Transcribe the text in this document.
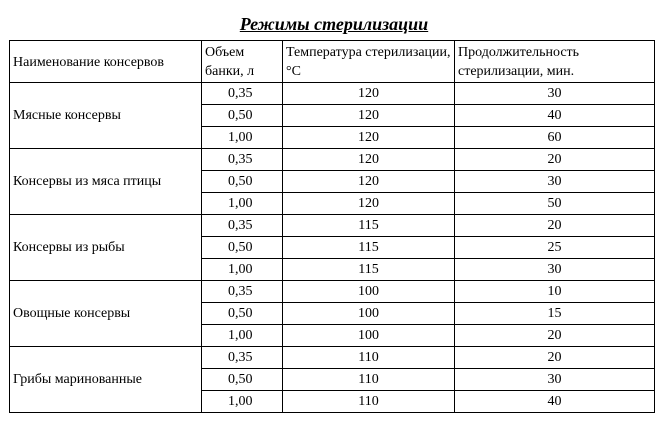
Режимы стерилизации
Наименование консервов	Объем банки, л	Температура стерилизации, °С	Продолжительность стерилизации, мин.
Мясные консервы	0,35	120	30
	0,50	120	40
	1,00	120	60
Консервы из мяса птицы	0,35	120	20
	0,50	120	30
	1,00	120	50
Консервы из рыбы	0,35	115	20
	0,50	115	25
	1,00	115	30
Овощные консервы	0,35	100	10
	0,50	100	15
	1,00	100	20
Грибы маринованные	0,35	110	20
	0,50	110	30
	1,00	110	40
